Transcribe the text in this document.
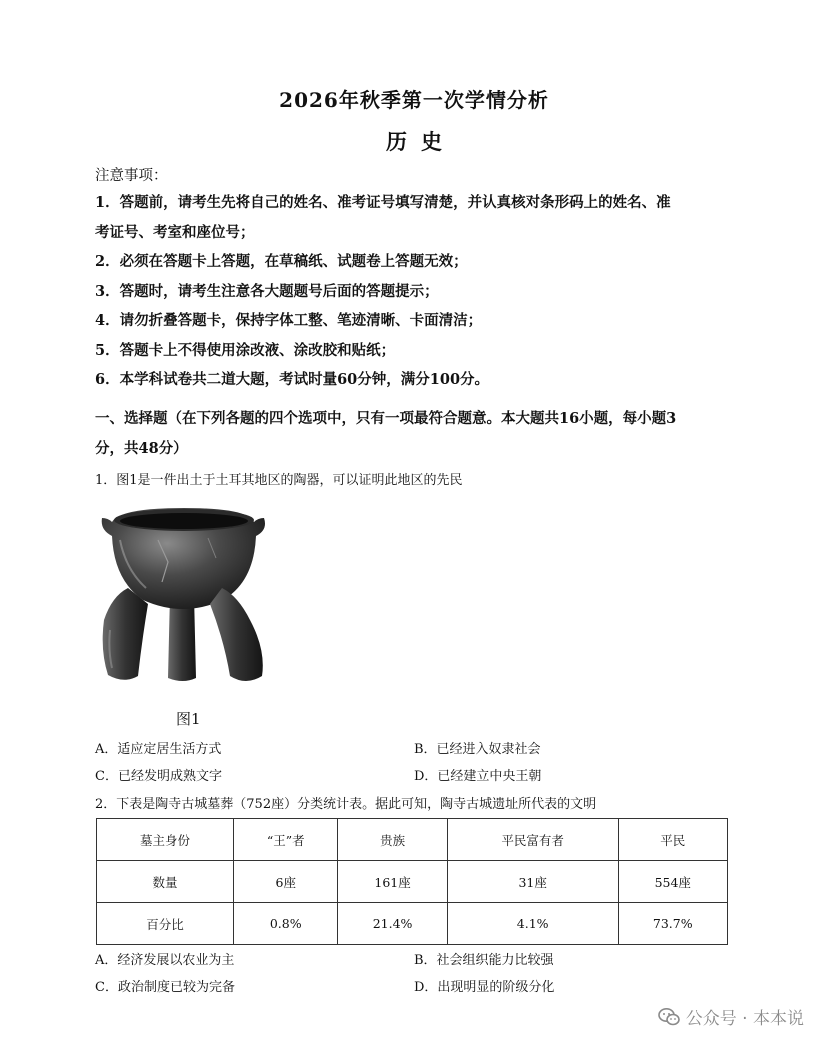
2026年秋季第一次学情分析
历史
注意事项：
1．答题前，请考生先将自己的姓名、准考证号填写清楚，并认真核对条形码上的姓名、准
考证号、考室和座位号；
2．必须在答题卡上答题，在草稿纸、试题卷上答题无效；
3．答题时，请考生注意各大题题号后面的答题提示；
4．请勿折叠答题卡，保持字体工整、笔迹清晰、卡面清洁；
5．答题卡上不得使用涂改液、涂改胶和贴纸；
6．本学科试卷共二道大题，考试时量60分钟，满分100分。
一、选择题（在下列各题的四个选项中，只有一项最符合题意。本大题共16小题，每小题3
分，共48分）
1．图1是一件出土于土耳其地区的陶器，可以证明此地区的先民
图1
A．适应定居生活方式	B．已经进入奴隶社会
C．已经发明成熟文字	D．已经建立中央王朝
2．下表是陶寺古城墓葬（752座）分类统计表。据此可知，陶寺古城遗址所代表的文明
墓主身份	“王”者	贵族	平民富有者	平民
数量	6座	161座	31座	554座
百分比	0.8%	21.4%	4.1%	73.7%
A．经济发展以农业为主	B．社会组织能力比较强
C．政治制度已较为完备	D．出现明显的阶级分化
公众号 · 本本说
